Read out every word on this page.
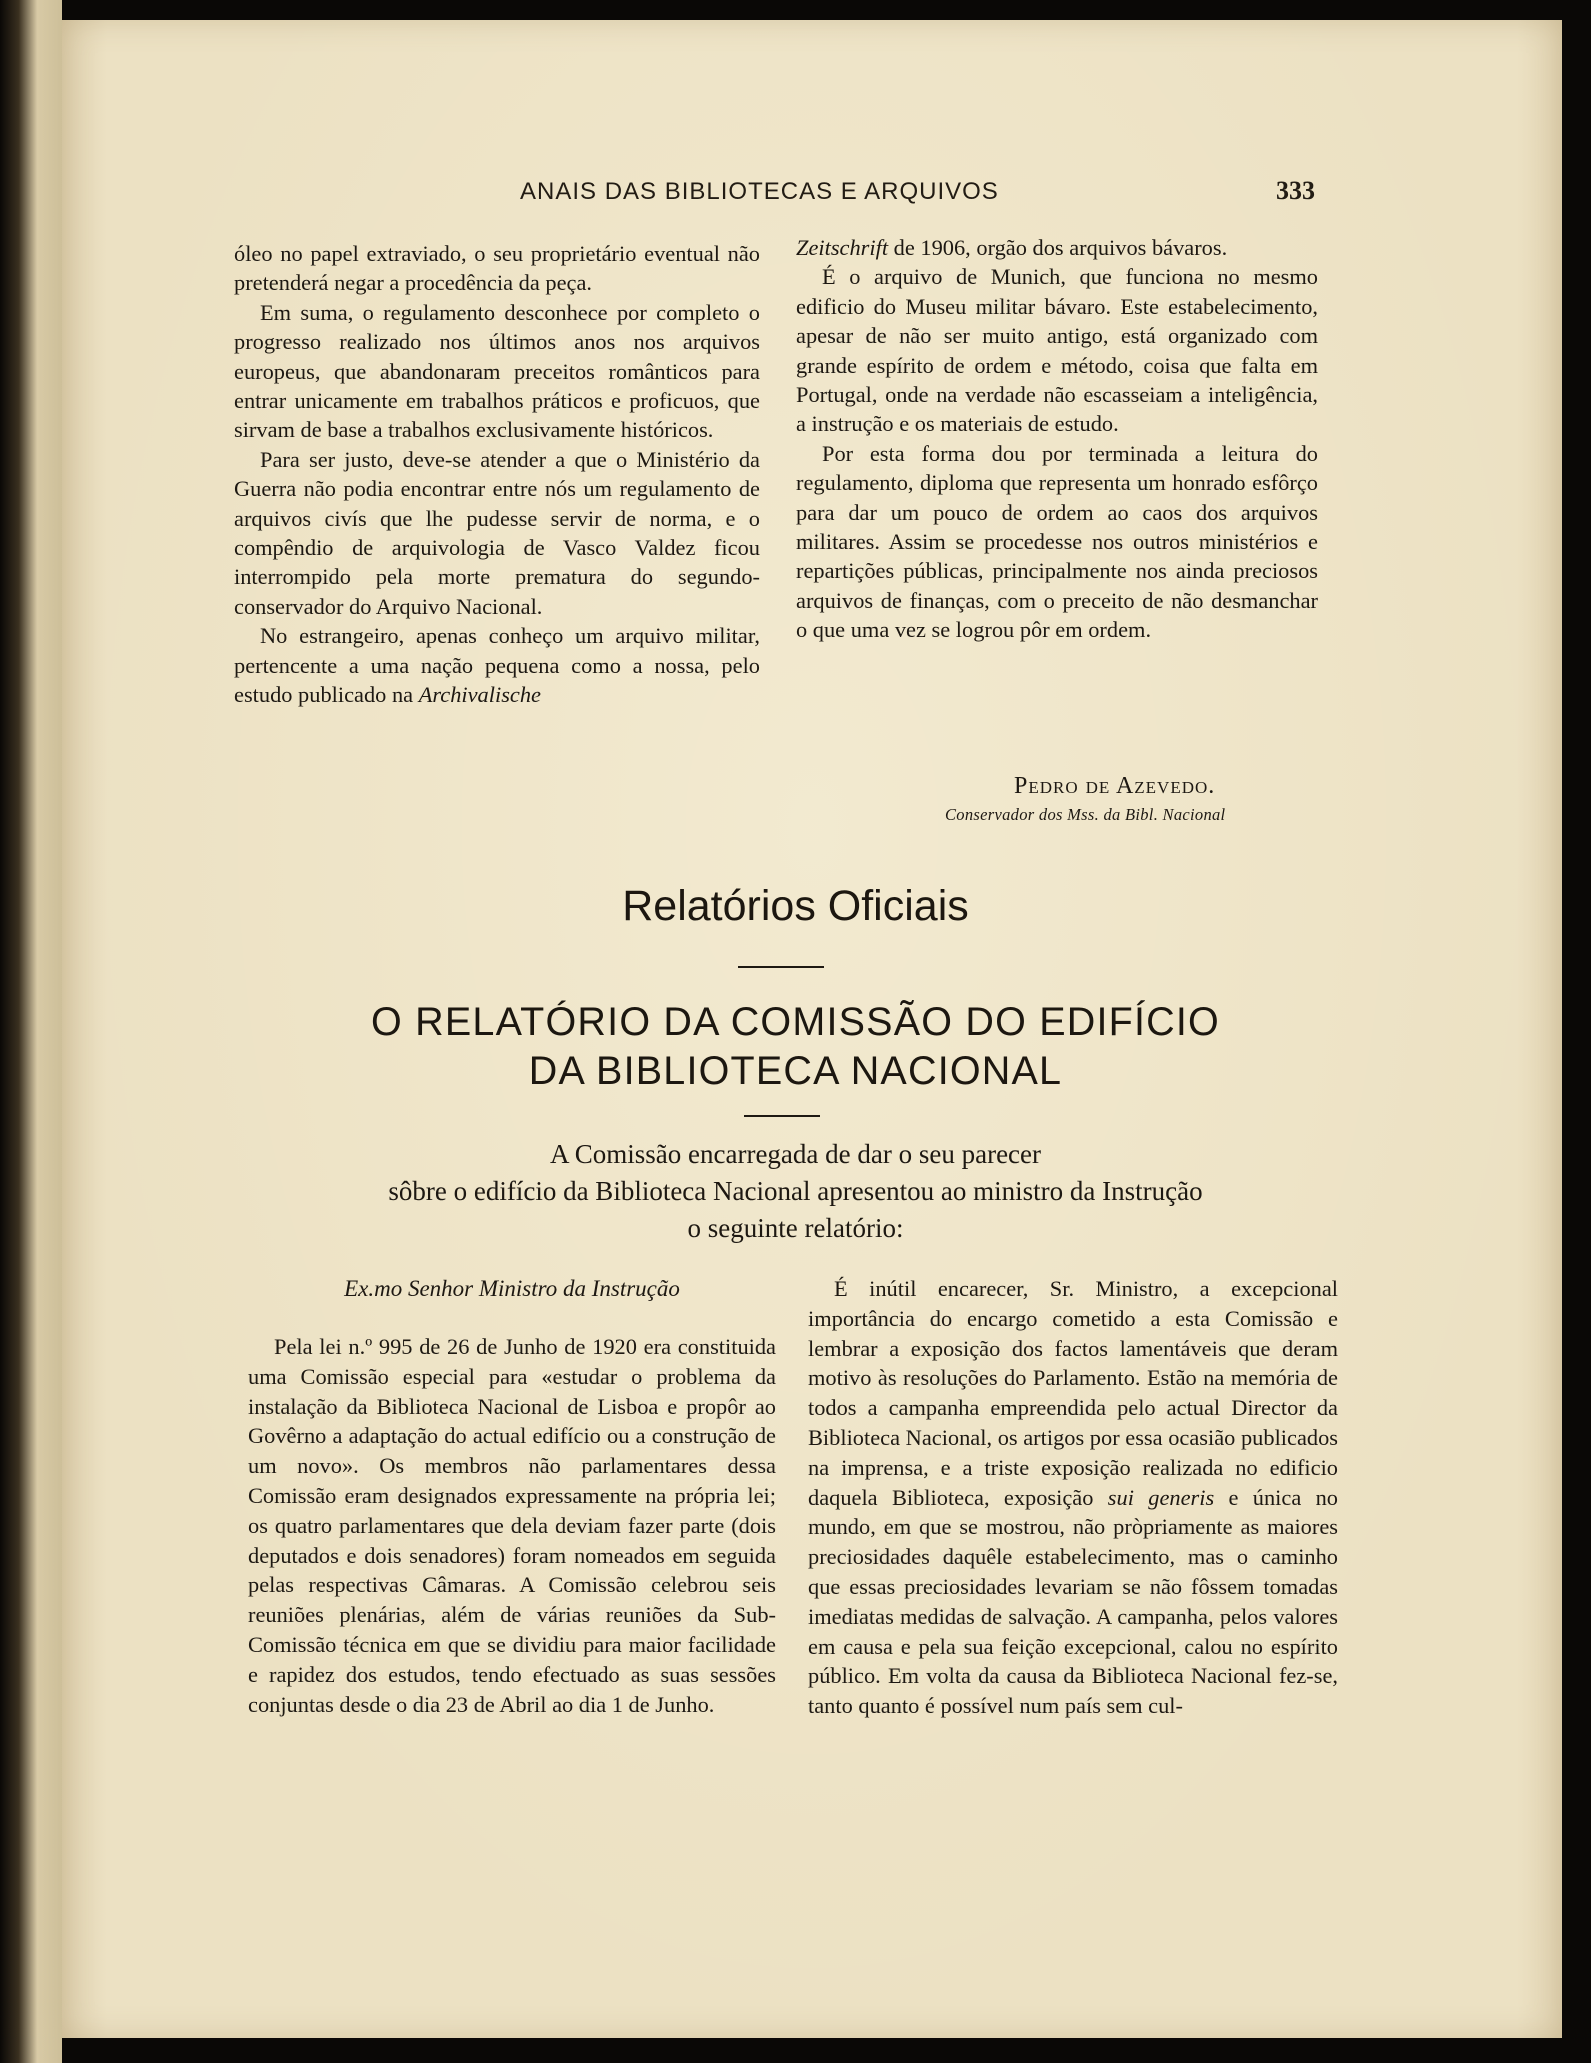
ANAIS DAS BIBLIOTECAS E ARQUIVOS	333

óleo no papel extraviado, o seu proprietário eventual não pretenderá negar a procedência da peça.

Em suma, o regulamento desconhece por completo o progresso realizado nos últimos anos nos arquivos europeus, que abandonaram preceitos românticos para entrar unicamente em trabalhos práticos e proficuos, que sirvam de base a trabalhos exclusivamente históricos.

Para ser justo, deve-se atender a que o Ministério da Guerra não podia encontrar entre nós um regulamento de arquivos civís que lhe pudesse servir de norma, e o compêndio de arquivologia de Vasco Valdez ficou interrompido pela morte prematura do segundo-conservador do Arquivo Nacional.

No estrangeiro, apenas conheço um arquivo militar, pertencente a uma nação pequena como a nossa, pelo estudo publicado na Archivalische

Zeitschrift de 1906, orgão dos arquivos bávaros.

É o arquivo de Munich, que funciona no mesmo edificio do Museu militar bávaro. Este estabelecimento, apesar de não ser muito antigo, está organizado com grande espírito de ordem e método, coisa que falta em Portugal, onde na verdade não escasseiam a inteligência, a instrução e os materiais de estudo.

Por esta forma dou por terminada a leitura do regulamento, diploma que representa um honrado esfôrço para dar um pouco de ordem ao caos dos arquivos militares. Assim se procedesse nos outros ministérios e repartições públicas, principalmente nos ainda preciosos arquivos de finanças, com o preceito de não desmanchar o que uma vez se logrou pôr em ordem.

Pedro de Azevedo.
Conservador dos Mss. da Bibl. Nacional
Relatórios Oficiais
O RELATÓRIO DA COMISSÃO DO EDIFÍCIO
DA BIBLIOTECA NACIONAL
A Comissão encarregada de dar o seu parecer
sôbre o edifício da Biblioteca Nacional apresentou ao ministro da Instrução
o seguinte relatório:
Ex.mo Senhor Ministro da Instrução

Pela lei n.º 995 de 26 de Junho de 1920 era constituida uma Comissão especial para «estudar o problema da instalação da Biblioteca Nacional de Lisboa e propôr ao Govêrno a adaptação do actual edifício ou a construção de um novo». Os membros não parlamentares dessa Comissão eram designados expressamente na própria lei; os quatro parlamentares que dela deviam fazer parte (dois deputados e dois senadores) foram nomeados em seguida pelas respectivas Câmaras. A Comissão celebrou seis reuniões plenárias, além de várias reuniões da Sub-Comissão técnica em que se dividiu para maior facilidade e rapidez dos estudos, tendo efectuado as suas sessões conjuntas desde o dia 23 de Abril ao dia 1 de Junho.

É inútil encarecer, Sr. Ministro, a excepcional importância do encargo cometido a esta Comissão e lembrar a exposição dos factos lamentáveis que deram motivo às resoluções do Parlamento. Estão na memória de todos a campanha empreendida pelo actual Director da Biblioteca Nacional, os artigos por essa ocasião publicados na imprensa, e a triste exposição realizada no edificio daquela Biblioteca, exposição sui generis e única no mundo, em que se mostrou, não pròpriamente as maiores preciosidades daquêle estabelecimento, mas o caminho que essas preciosidades levariam se não fôssem tomadas imediatas medidas de salvação. A campanha, pelos valores em causa e pela sua feição excepcional, calou no espírito público. Em volta da causa da Biblioteca Nacional fez-se, tanto quanto é possível num país sem cul-
